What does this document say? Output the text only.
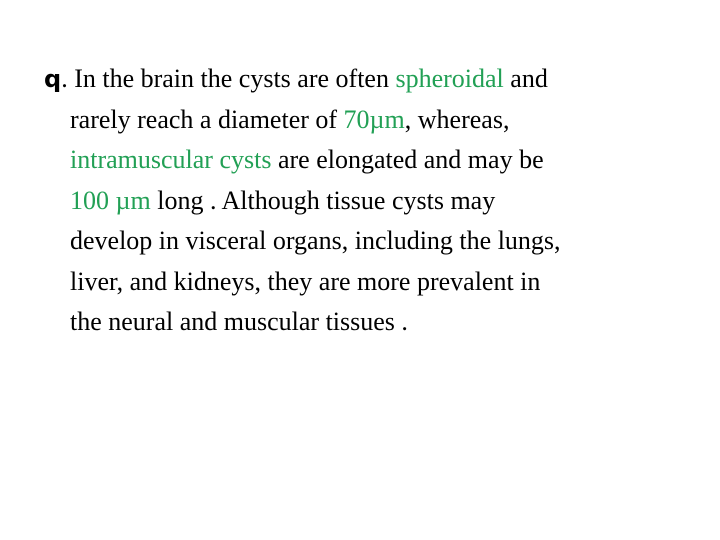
q. In the brain the cysts are often spheroidal and
rarely reach a diameter of 70µm, whereas,
intramuscular cysts are elongated and may be
100 µm long . Although tissue cysts may
develop in visceral organs, including the lungs,
liver, and kidneys, they are more prevalent in
the neural and muscular tissues .
